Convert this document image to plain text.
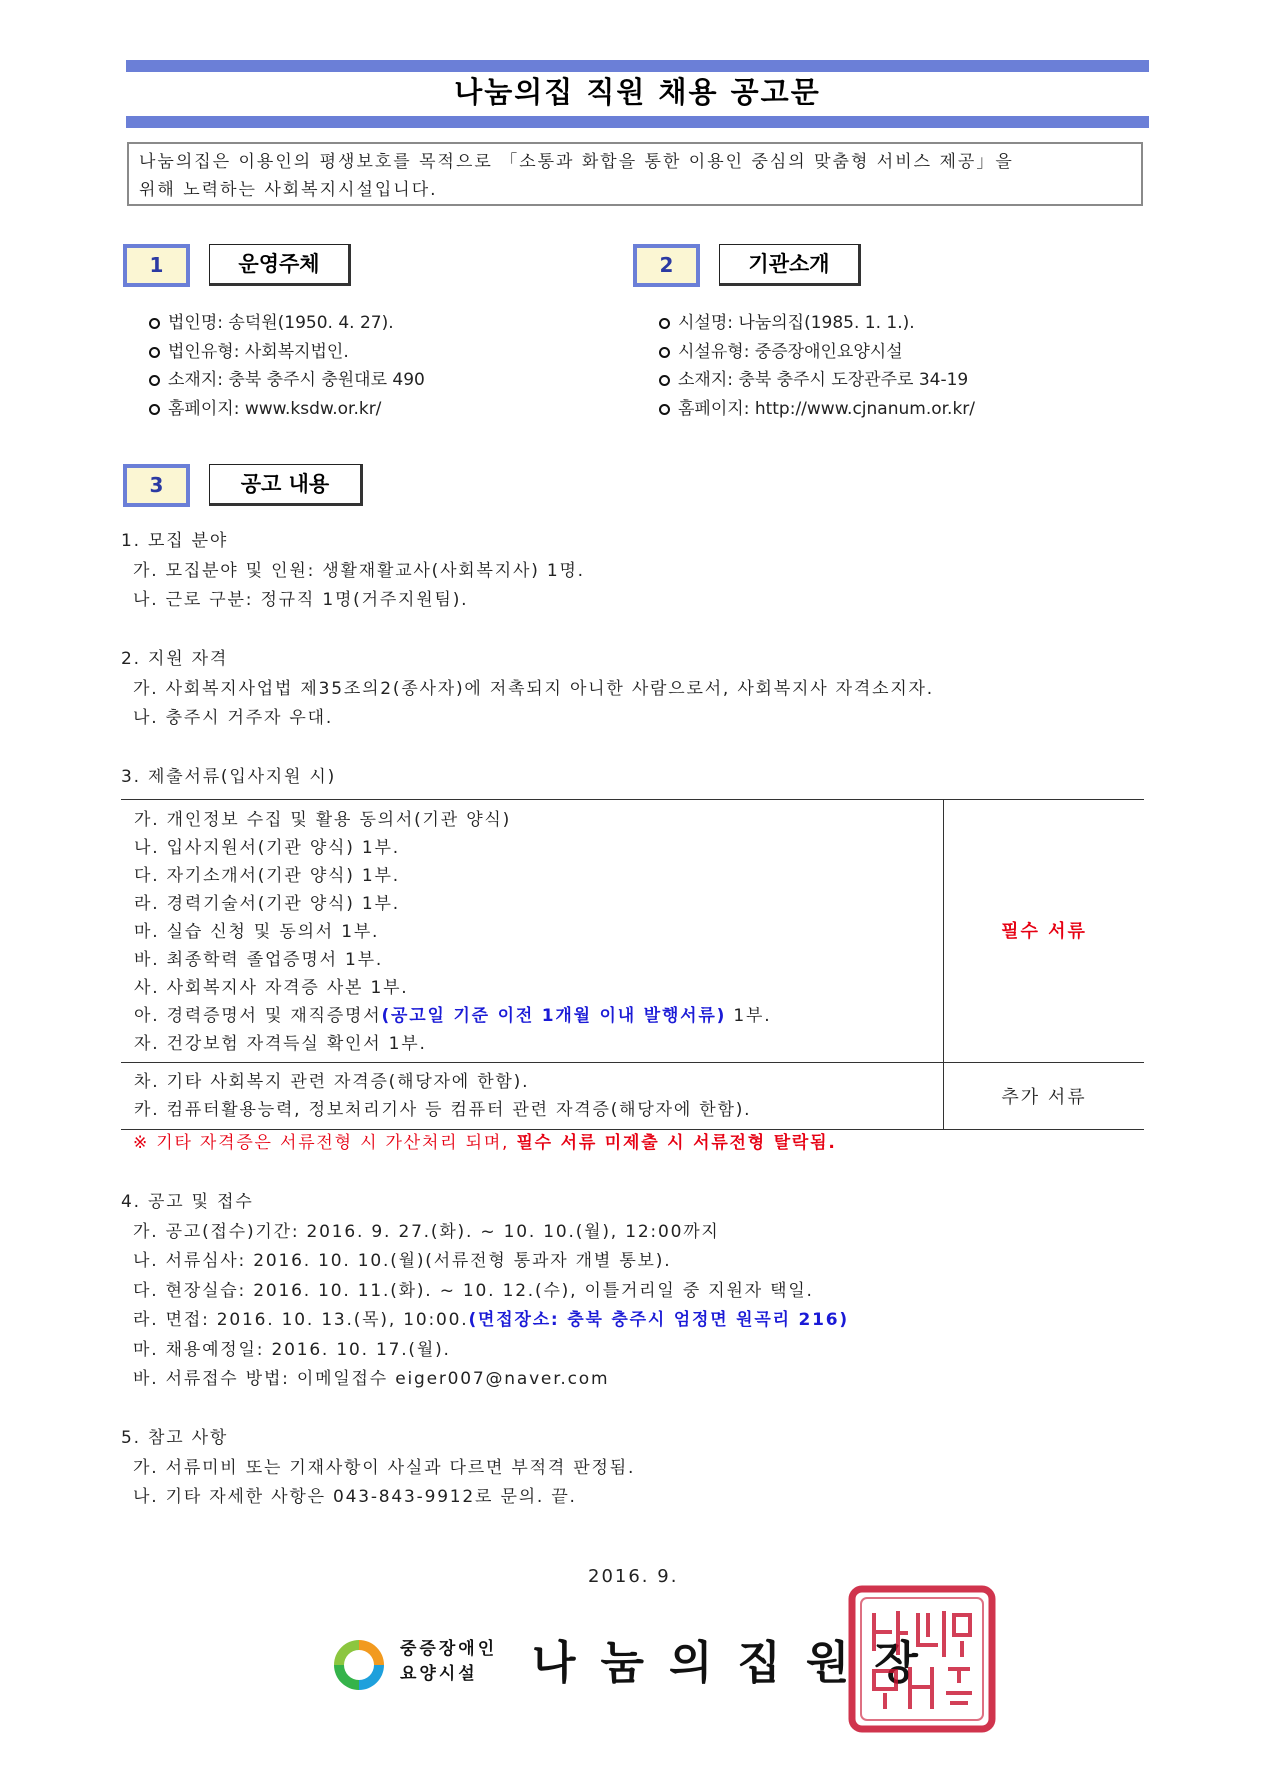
나눔의집 직원 채용 공고문
나눔의집은 이용인의 평생보호를 목적으로 「소통과 화합을 통한 이용인 중심의 맞춤형 서비스 제공」을
위해 노력하는 사회복지시설입니다.
1	운영주체
법인명: 송덕원(1950. 4. 27).
법인유형: 사회복지법인.
소재지: 충북 충주시 충원대로 490
홈페이지: www.ksdw.or.kr/
2	기관소개
시설명: 나눔의집(1985. 1. 1.).
시설유형: 중증장애인요양시설
소재지: 충북 충주시 도장관주로 34-19
홈페이지: http://www.cjnanum.or.kr/
3	공고 내용
1. 모집 분야
가. 모집분야 및 인원: 생활재활교사(사회복지사) 1명.
나. 근로 구분: 정규직 1명(거주지원팀).
2. 지원 자격
가. 사회복지사업법 제35조의2(종사자)에 저촉되지 아니한 사람으로서, 사회복지사 자격소지자.
나. 충주시 거주자 우대.
3. 제출서류(입사지원 시)
가. 개인정보 수집 및 활용 동의서(기관 양식)
나. 입사지원서(기관 양식) 1부.
다. 자기소개서(기관 양식) 1부.
라. 경력기술서(기관 양식) 1부.
마. 실습 신청 및 동의서 1부.
바. 최종학력 졸업증명서 1부.
사. 사회복지사 자격증 사본 1부.
아. 경력증명서 및 재직증명서(공고일 기준 이전 1개월 이내 발행서류) 1부.
자. 건강보험 자격득실 확인서 1부.
필수 서류
차. 기타 사회복지 관련 자격증(해당자에 한함).
카. 컴퓨터활용능력, 정보처리기사 등 컴퓨터 관련 자격증(해당자에 한함).
추가 서류
※ 기타 자격증은 서류전형 시 가산처리 되며, 필수 서류 미제출 시 서류전형 탈락됨.
4. 공고 및 접수
가. 공고(접수)기간: 2016. 9. 27.(화). ~ 10. 10.(월), 12:00까지
나. 서류심사: 2016. 10. 10.(월)(서류전형 통과자 개별 통보).
다. 현장실습: 2016. 10. 11.(화). ~ 10. 12.(수), 이틀거리일 중 지원자 택일.
라. 면접: 2016. 10. 13.(목), 10:00.(면접장소: 충북 충주시 엄정면 원곡리 216)
마. 채용예정일: 2016. 10. 17.(월).
바. 서류접수 방법: 이메일접수 eiger007@naver.com
5. 참고 사항
가. 서류미비 또는 기재사항이 사실과 다르면 부적격 판정됨.
나. 기타 자세한 사항은 043-843-9912로 문의. 끝.
2016. 9.
중증장애인
요양시설	나눔의집원장
